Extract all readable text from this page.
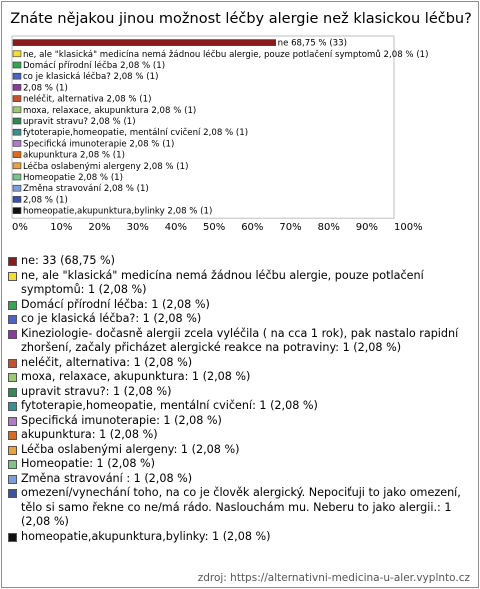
Znáte nějakou jinou možnost léčby alergie než klasickou léčbu?
ne 68,75 % (33)
ne, ale "klasická" medicína nemá žádnou léčbu alergie, pouze potlačení symptomů 2,08 % (1)
Domácí přírodní léčba 2,08 % (1)
co je klasická léčba? 2,08 % (1)
2,08 % (1)
neléčit, alternativa 2,08 % (1)
moxa, relaxace, akupunktura 2,08 % (1)
upravit stravu? 2,08 % (1)
fytoterapie,homeopatie, mentální cvičení 2,08 % (1)
Specifická imunoterapie 2,08 % (1)
akupunktura 2,08 % (1)
Léčba oslabenými alergeny 2,08 % (1)
Homeopatie 2,08 % (1)
Změna stravování 2,08 % (1)
2,08 % (1)
homeopatie,akupunktura,bylinky 2,08 % (1)
0% 10% 20% 30% 40% 50% 60% 70% 80% 90% 100%
ne: 33 (68,75 %)
ne, ale "klasická" medicína nemá žádnou léčbu alergie, pouze potlačení symptomů: 1 (2,08 %)
Domácí přírodní léčba: 1 (2,08 %)
co je klasická léčba?: 1 (2,08 %)
Kineziologie- dočasně alergii zcela vyléčila ( na cca 1 rok), pak nastalo rapidní zhoršení, začaly přicházet alergické reakce na potraviny: 1 (2,08 %)
neléčit, alternativa: 1 (2,08 %)
moxa, relaxace, akupunktura: 1 (2,08 %)
upravit stravu?: 1 (2,08 %)
fytoterapie,homeopatie, mentální cvičení: 1 (2,08 %)
Specifická imunoterapie: 1 (2,08 %)
akupunktura: 1 (2,08 %)
Léčba oslabenými alergeny: 1 (2,08 %)
Homeopatie: 1 (2,08 %)
Změna stravování : 1 (2,08 %)
omezení/vynechání toho, na co je člověk alergický. Nepociťuji to jako omezení, tělo si samo řekne co ne/má rádo. Naslouchám mu. Neberu to jako alergii.: 1 (2,08 %)
homeopatie,akupunktura,bylinky: 1 (2,08 %)
zdroj: https://alternativni-medicina-u-aler.vyplnto.cz
